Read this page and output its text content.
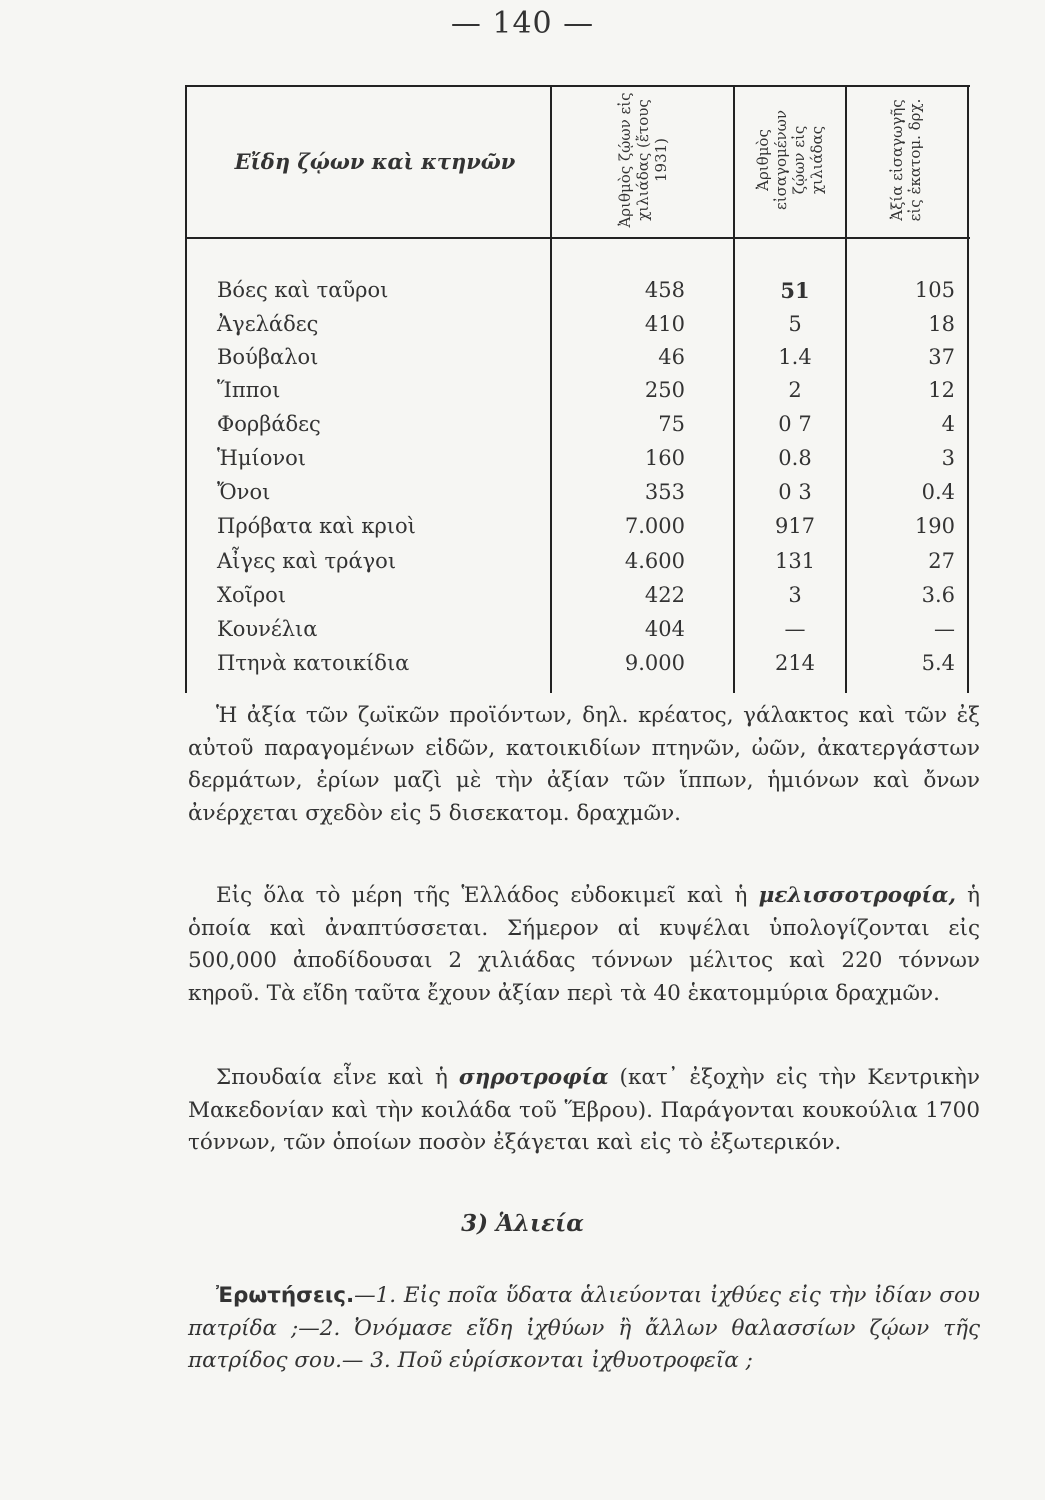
— 140 —
Εἴδη ζῴων καὶ κτηνῶν	Ἀριθμὸς ζῴων εἰς χιλιάδας (ἔτους 1931)	Ἀριθμὸς εἰσαγομένων ζῴων εἰς χιλιάδας	Ἀξία εἰσαγωγῆς εἰς ἑκατομ. δρχ.
Βόες καὶ ταῦροι	458	51	105
Ἀγελάδες	410	5	18
Βούβαλοι	46	1.4	37
Ἵπποι	250	2	12
Φορβάδες	75	0 7	4
Ἡμίονοι	160	0.8	3
Ὄνοι	353	0 3	0.4
Πρόβατα καὶ κριοὶ	7.000	917	190
Αἶγες καὶ τράγοι	4.600	131	27
Χοῖροι	422	3	3.6
Κουνέλια	404	—	—
Πτηνὰ κατοικίδια	9.000	214	5.4

Ἡ ἀξία τῶν ζωϊκῶν προϊόντων, δηλ. κρέατος, γάλακτος καὶ τῶν ἐξ αὐτοῦ παραγομένων εἰδῶν, κατοικιδίων πτηνῶν, ὠῶν, ἀκατεργάστων δερμάτων, ἐρίων μαζὶ μὲ τὴν ἀξίαν τῶν ἵππων, ἡμιόνων καὶ ὄνων ἀνέρχεται σχεδὸν εἰς 5 δισεκατομ. δραχμῶν.

Εἰς ὅλα τὸ μέρη τῆς Ἑλλάδος εὐδοκιμεῖ καὶ ἡ μελισσοτροφία, ἡ ὁποία καὶ ἀναπτύσσεται. Σήμερον αἱ κυψέλαι ὑπολογίζονται εἰς 500,000 ἀποδίδουσαι 2 χιλιάδας τόννων μέλιτος καὶ 220 τόννων κηροῦ. Τὰ εἴδη ταῦτα ἔχουν ἀξίαν περὶ τὰ 40 ἑκατομμύρια δραχμῶν.

Σπουδαία εἶνε καὶ ἡ σηροτροφία (κατ᾽ ἐξοχὴν εἰς τὴν Κεντρικὴν Μακεδονίαν καὶ τὴν κοιλάδα τοῦ Ἕβρου). Παράγονται κουκούλια 1700 τόννων, τῶν ὁποίων ποσὸν ἐξάγεται καὶ εἰς τὸ ἐξωτερικόν.

3) Ἁλιεία

Ἐρωτήσεις.—1. Εἰς ποῖα ὕδατα ἁλιεύονται ἰχθύες εἰς τὴν ἰδίαν σου πατρίδα ;—2. Ὀνόμασε εἴδη ἰχθύων ἢ ἄλλων θαλασσίων ζῴων τῆς πατρίδος σου.— 3. Ποῦ εὑρίσκονται ἰχθυοτροφεῖα ;
